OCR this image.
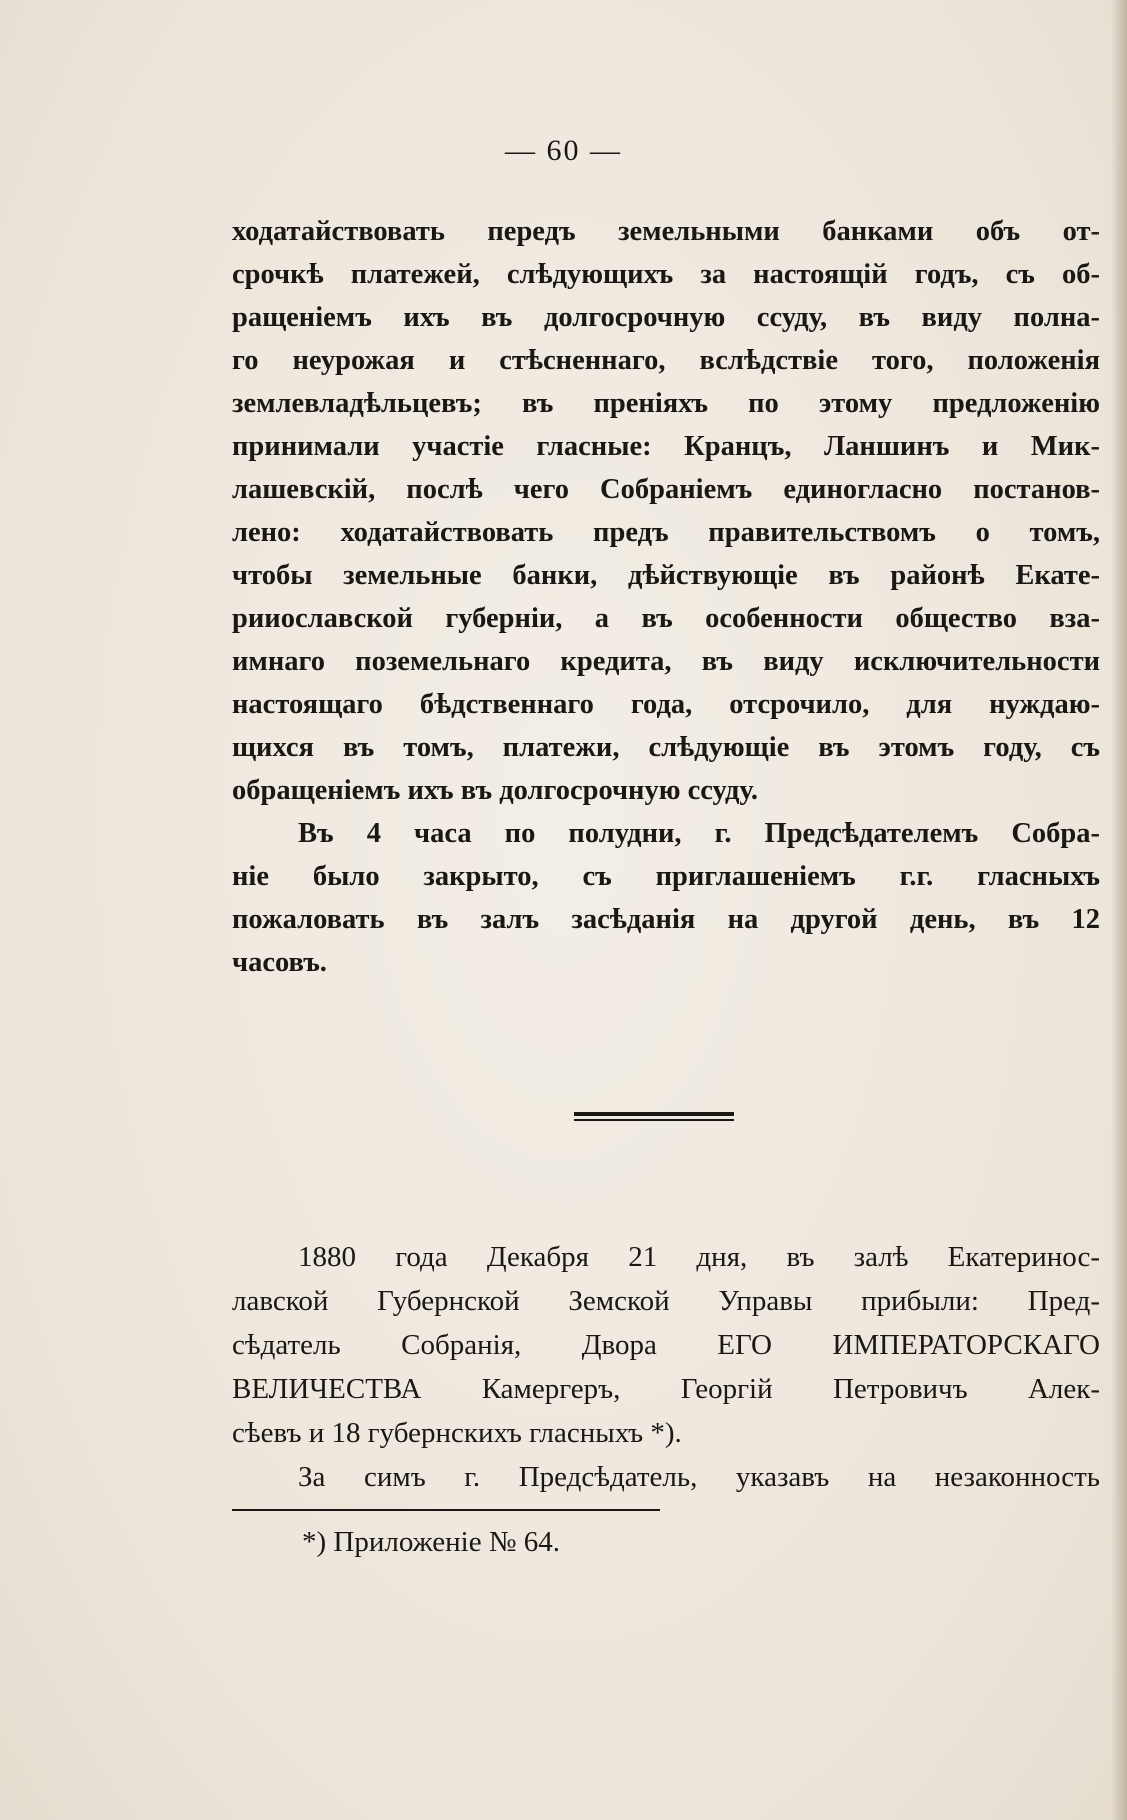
— 60 —
ходатайствовать передъ земельными банками объ от-
срочкѣ платежей, слѣдующихъ за настоящій годъ, съ об-
ращеніемъ ихъ въ долгосрочную ссуду, въ виду полна-
го неурожая и стѣсненнаго, вслѣдствіе того, положенія
землевладѣльцевъ; въ преніяхъ по этому предложенію
принимали участіе гласные: Кранцъ, Ланшинъ и Мик-
лашевскій, послѣ чего Собраніемъ единогласно постанов-
лено: ходатайствовать предъ правительствомъ о томъ,
чтобы земельные банки, дѣйствующіе въ районѣ Екате-
рииославской губерніи, а въ особенности общество вза-
имнаго поземельнаго кредита, въ виду исключительности
настоящаго бѣдственнаго года, отсрочило, для нуждаю-
щихся въ томъ, платежи, слѣдующіе въ этомъ году, съ
обращеніемъ ихъ въ долгосрочную ссуду.
Въ 4 часа по полудни, г. Предсѣдателемъ Собра-
ніе было закрыто, съ приглашеніемъ г.г. гласныхъ
пожаловать въ залъ засѣданія на другой день, въ 12
часовъ.
1880 года Декабря 21 дня, въ залѣ Екатеринос-
лавской Губернской Земской Управы прибыли: Пред-
сѣдатель Собранія, Двора ЕГО ИМПЕРАТОРСКАГО
ВЕЛИЧЕСТВА Камергеръ, Георгій Петровичъ Алек-
сѣевъ и 18 губернскихъ гласныхъ *).
За симъ г. Предсѣдатель, указавъ на незаконность
*) Приложеніе № 64.
